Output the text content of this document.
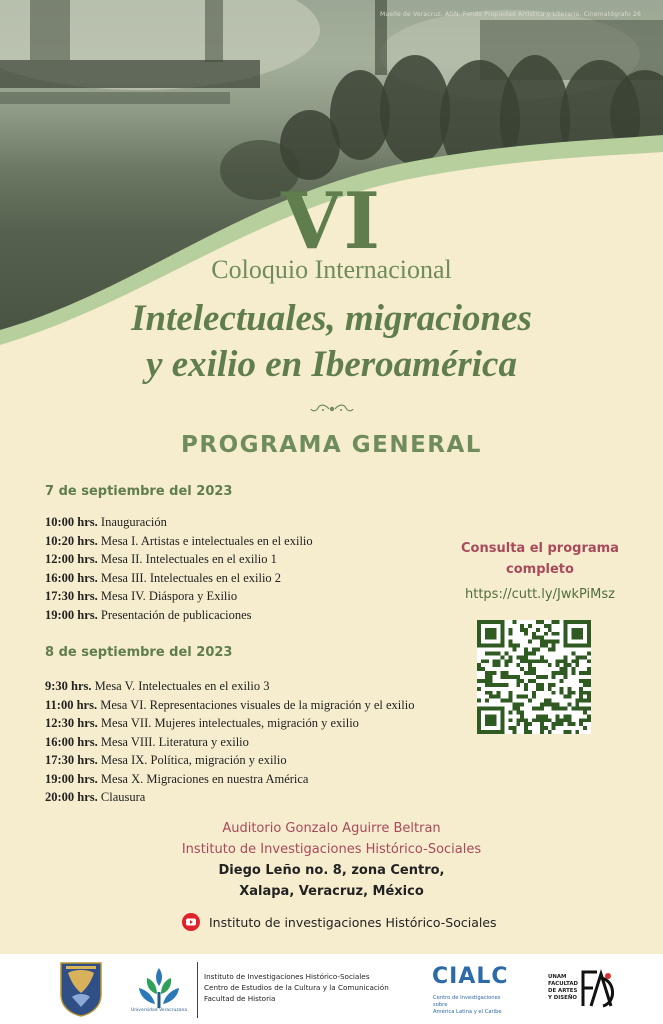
Muelle de Veracruz. AGN, Fondo Propiedad Artística y Literaria, Cinematógrafo 26
VI
Coloquio Internacional
Intelectuales, migraciones
y exilio en Iberoamérica
PROGRAMA GENERAL
7 de septiembre del 2023
10:00 hrs. Inauguración
10:20 hrs. Mesa I. Artistas e intelectuales en el exilio
12:00 hrs. Mesa II. Intelectuales en el exilio 1
16:00 hrs. Mesa III. Intelectuales en el exilio 2
17:30 hrs. Mesa IV. Diáspora y Exilio
19:00 hrs. Presentación de publicaciones
8 de septiembre del 2023
9:30 hrs. Mesa V. Intelectuales en el exilio 3
11:00 hrs. Mesa VI. Representaciones visuales de la migración y el exilio
12:30 hrs. Mesa VII. Mujeres intelectuales, migración y exilio
16:00 hrs. Mesa VIII. Literatura y exilio
17:30 hrs. Mesa IX. Política, migración y exilio
19:00 hrs. Mesa X. Migraciones en nuestra América
20:00 hrs. Clausura
Consulta el programa
completo
https://cutt.ly/JwkPiMsz
Auditorio Gonzalo Aguirre Beltran
Instituto de Investigaciones Histórico-Sociales
Diego Leño no. 8, zona Centro,
Xalapa, Veracruz, México
Instituto de investigaciones Histórico-Sociales
Universidad Veracruzana
Instituto de Investigaciones Histórico-Sociales
Centro de Estudios de la Cultura y la Comunicación
Facultad de Historia
CIALC
Centro de Investigaciones sobre
América Latina y el Caribe
UNAM
FACULTAD
DE ARTES
Y DISEÑO
